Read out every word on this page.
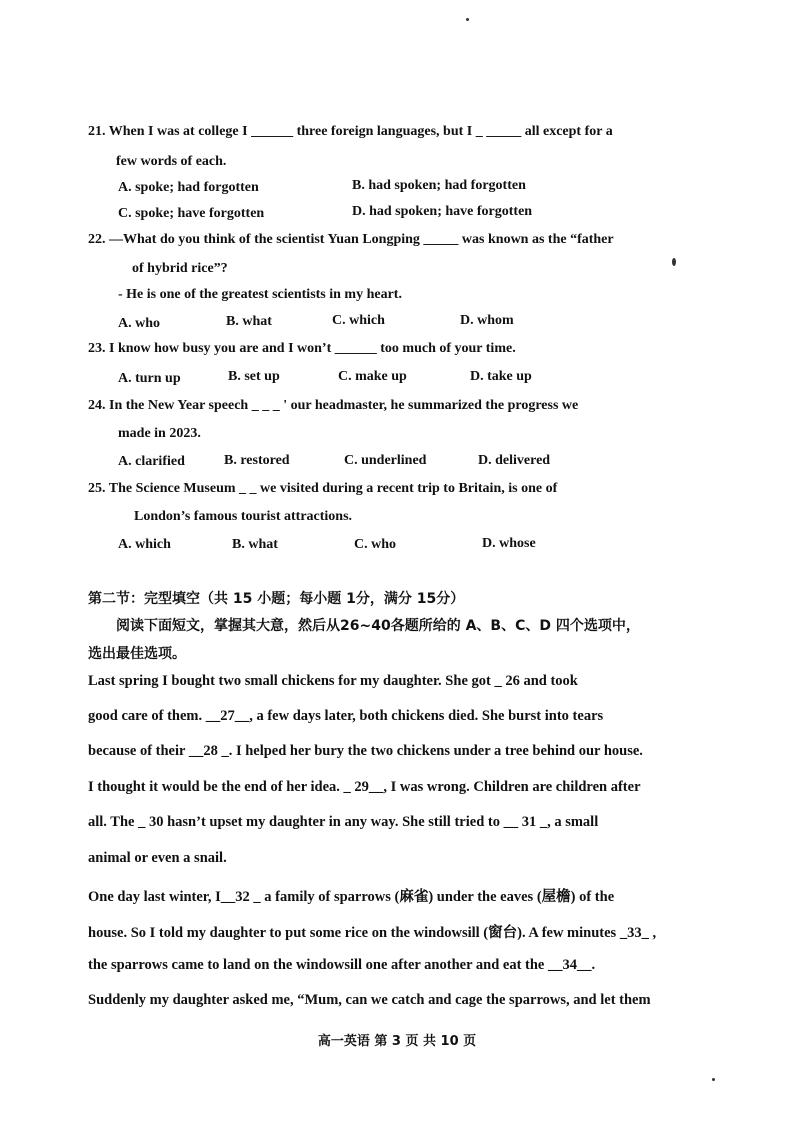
21. When I was at college I ______ three foreign languages, but I _ _____ all except for a
few words of each.
A. spoke; had forgotten	B. had spoken; had forgotten
C. spoke; have forgotten	D. had spoken; have forgotten
22. —What do you think of the scientist Yuan Longping _____ was known as the “father
of hybrid rice”?
- He is one of the greatest scientists in my heart.
A. who	B. what	C. which	D. whom
23. I know how busy you are and I won’t ______ too much of your time.
A. turn up	B. set up	C. make up	D. take up
24. In the New Year speech _ _ _ ' our headmaster, he summarized the progress we
made in 2023.
A. clarified	B. restored	C. underlined	D. delivered
25. The Science Museum _ _ we visited during a recent trip to Britain, is one of
London’s famous tourist attractions.
A. which	B. what	C. who	D. whose
第二节：完型填空（共 15 小题；每小题 1分，满分 15分）
阅读下面短文，掌握其大意，然后从26~40各题所给的 A、B、C、D 四个选项中，
选出最佳选项。
Last spring I bought two small chickens for my daughter. She got _ 26 and took
good care of them. __27__, a few days later, both chickens died. She burst into tears
because of their __28 _. I helped her bury the two chickens under a tree behind our house.
I thought it would be the end of her idea. _ 29__, I was wrong. Children are children after
all. The _ 30 hasn’t upset my daughter in any way. She still tried to __ 31 _, a small
animal or even a snail.
One day last winter, I__32 _ a family of sparrows (麻雀) under the eaves (屋檐) of the
house. So I told my daughter to put some rice on the windowsill (窗台). A few minutes _33_ ,
the sparrows came to land on the windowsill one after another and eat the __34__.
Suddenly my daughter asked me, “Mum, can we catch and cage the sparrows, and let them
高一英语 第 3 页 共 10 页
